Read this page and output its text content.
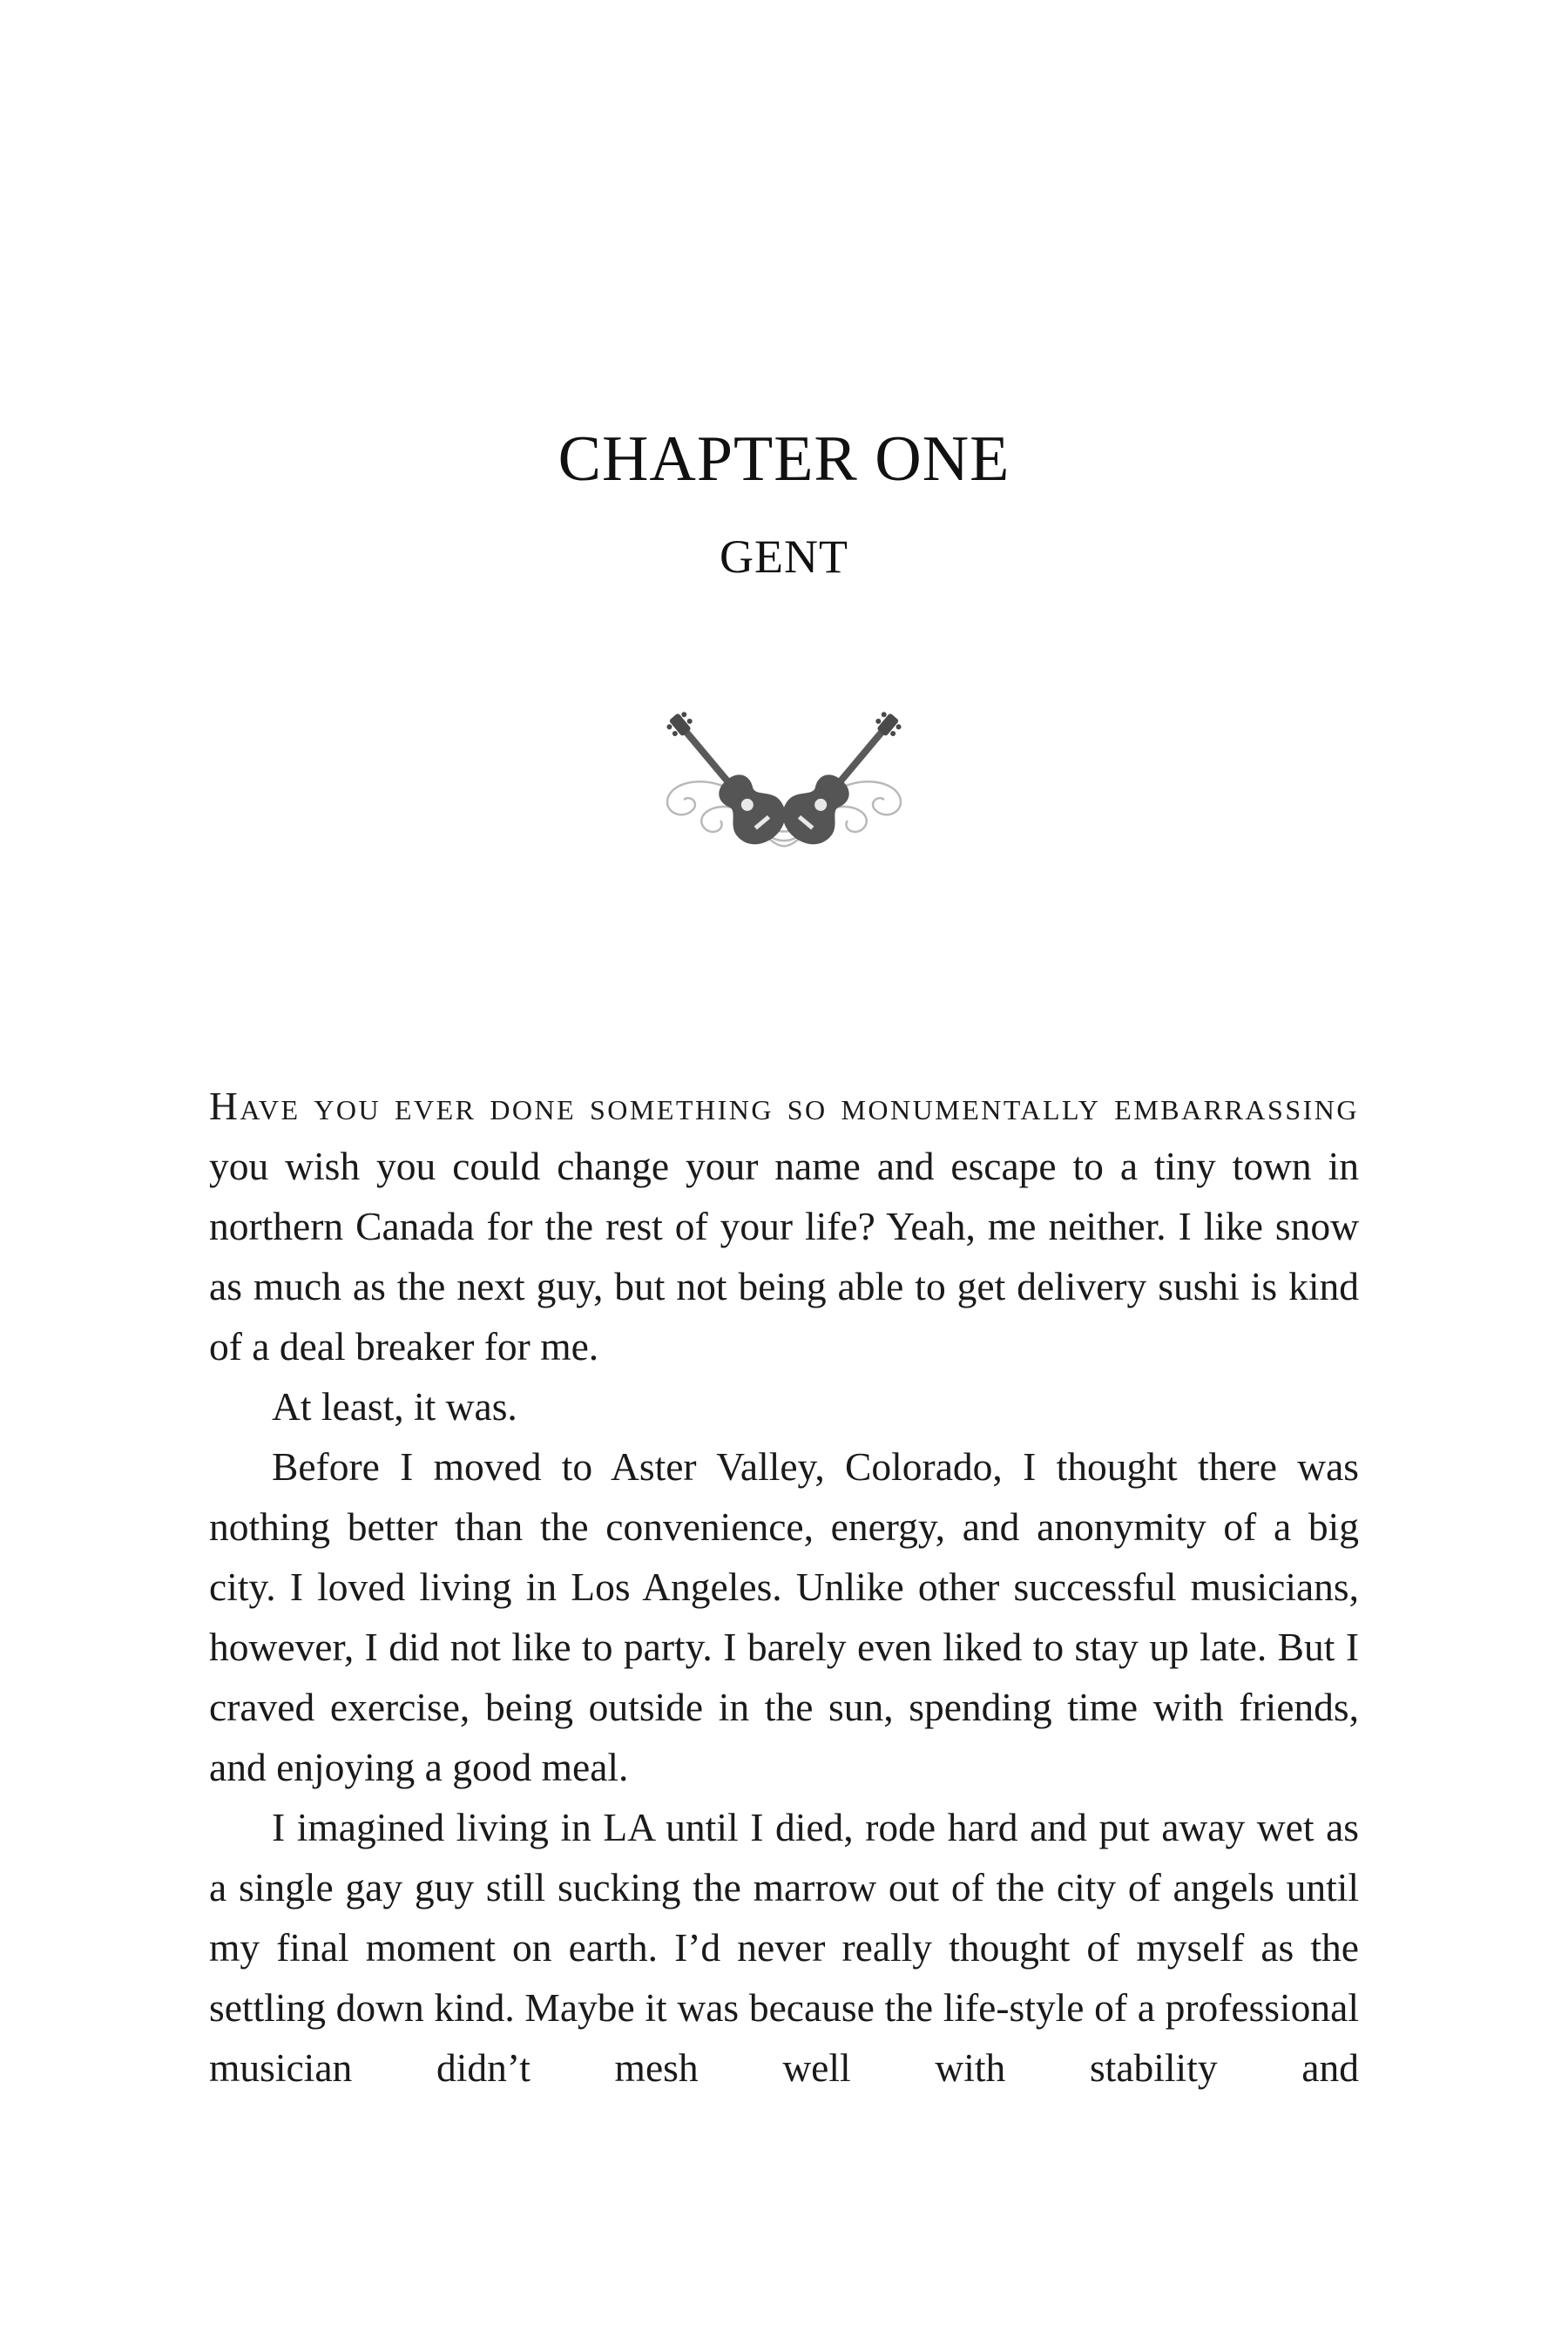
CHAPTER ONE
GENT

Have you ever done something so monumentally embarrassing you wish you could change your name and escape to a tiny town in northern Canada for the rest of your life? Yeah, me neither. I like snow as much as the next guy, but not being able to get delivery sushi is kind of a deal breaker for me.

At least, it was.

Before I moved to Aster Valley, Colorado, I thought there was nothing better than the convenience, energy, and anonymity of a big city. I loved living in Los Angeles. Unlike other successful musicians, however, I did not like to party. I barely even liked to stay up late. But I craved exercise, being outside in the sun, spending time with friends, and enjoying a good meal.

I imagined living in LA until I died, rode hard and put away wet as a single gay guy still sucking the marrow out of the city of angels until my final moment on earth. I’d never really thought of myself as the settling down kind. Maybe it was because the life-style of a professional musician didn’t mesh well with stability and
